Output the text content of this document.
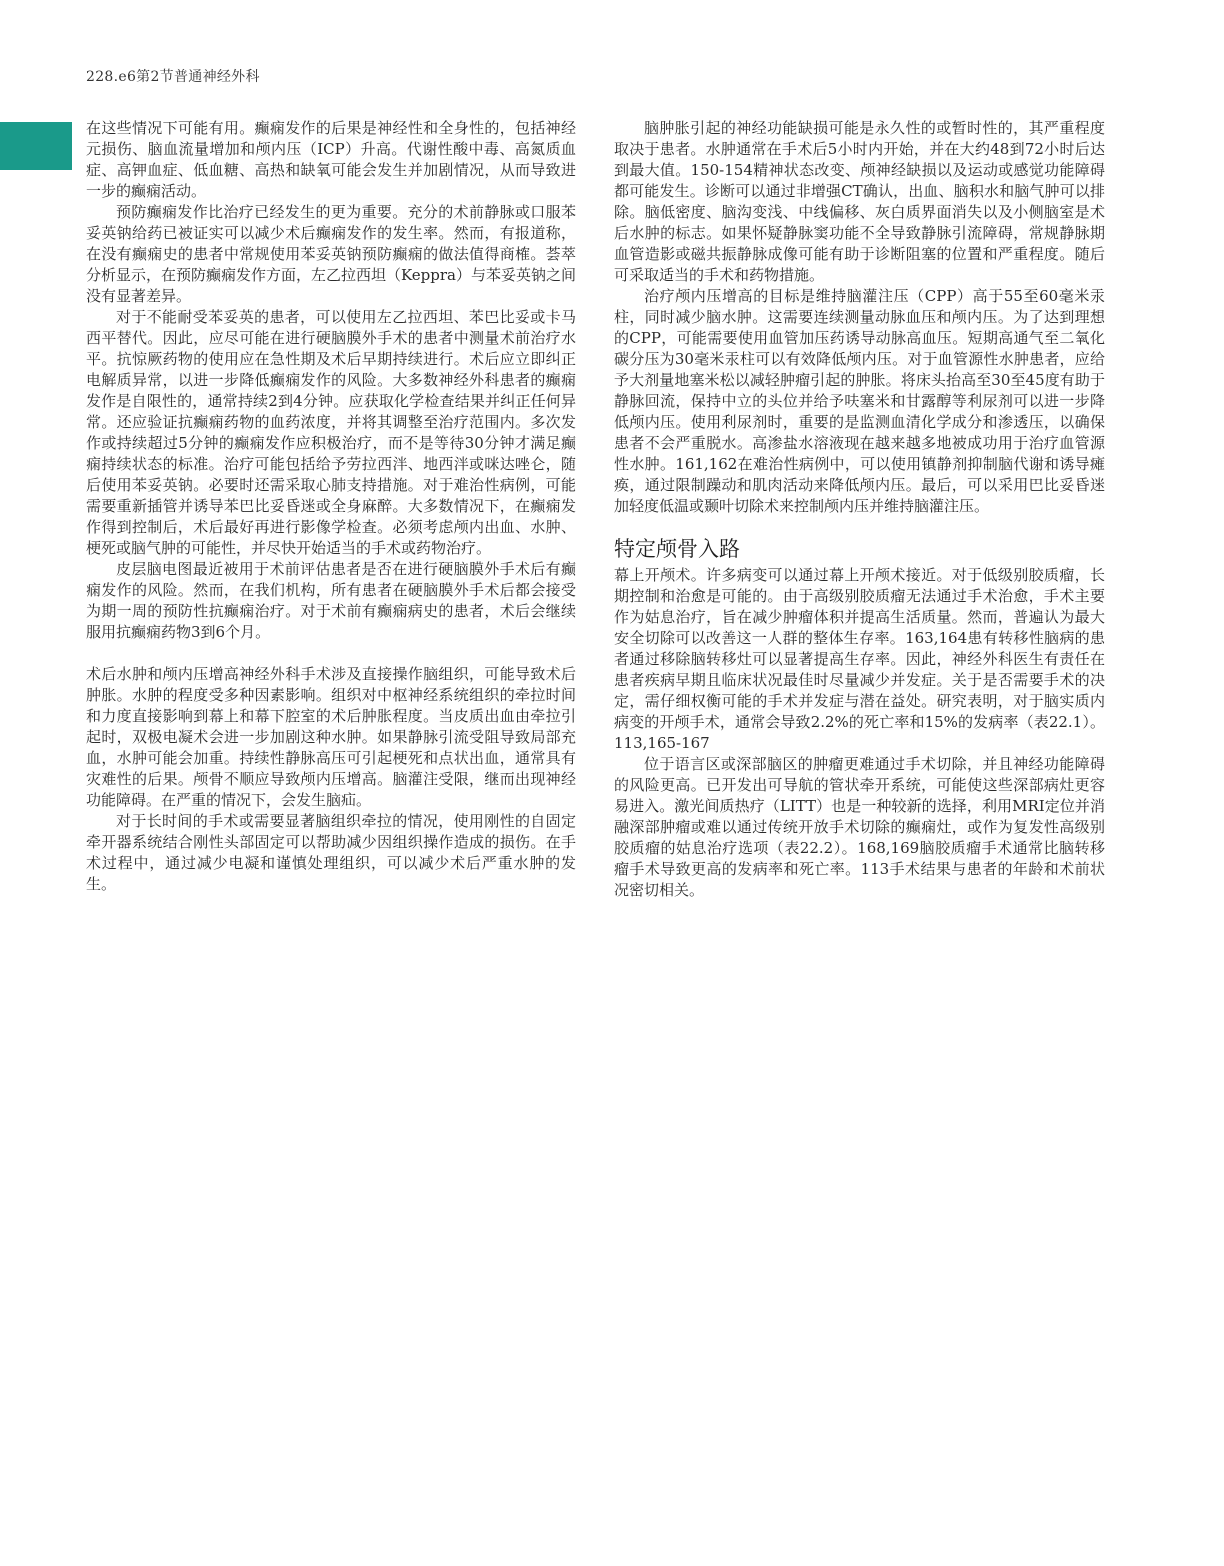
228.e6第2节普通神经外科

在这些情况下可能有用。癫痫发作的后果是神经性和全身性的，包括神经元损伤、脑血流量增加和颅内压（ICP）升高。代谢性酸中毒、高氮质血症、高钾血症、低血糖、高热和缺氧可能会发生并加剧情况，从而导致进一步的癫痫活动。

预防癫痫发作比治疗已经发生的更为重要。充分的术前静脉或口服苯妥英钠给药已被证实可以减少术后癫痫发作的发生率。然而，有报道称，在没有癫痫史的患者中常规使用苯妥英钠预防癫痫的做法值得商榷。荟萃分析显示，在预防癫痫发作方面，左乙拉西坦（Keppra）与苯妥英钠之间没有显著差异。

对于不能耐受苯妥英的患者，可以使用左乙拉西坦、苯巴比妥或卡马西平替代。因此，应尽可能在进行硬脑膜外手术的患者中测量术前治疗水平。抗惊厥药物的使用应在急性期及术后早期持续进行。术后应立即纠正电解质异常，以进一步降低癫痫发作的风险。大多数神经外科患者的癫痫发作是自限性的，通常持续2到4分钟。应获取化学检查结果并纠正任何异常。还应验证抗癫痫药物的血药浓度，并将其调整至治疗范围内。多次发作或持续超过5分钟的癫痫发作应积极治疗，而不是等待30分钟才满足癫痫持续状态的标准。治疗可能包括给予劳拉西泮、地西泮或咪达唑仑，随后使用苯妥英钠。必要时还需采取心肺支持措施。对于难治性病例，可能需要重新插管并诱导苯巴比妥昏迷或全身麻醉。大多数情况下，在癫痫发作得到控制后，术后最好再进行影像学检查。必须考虑颅内出血、水肿、梗死或脑气肿的可能性，并尽快开始适当的手术或药物治疗。

皮层脑电图最近被用于术前评估患者是否在进行硬脑膜外手术后有癫痫发作的风险。然而，在我们机构，所有患者在硬脑膜外手术后都会接受为期一周的预防性抗癫痫治疗。对于术前有癫痫病史的患者，术后会继续服用抗癫痫药物3到6个月。

术后水肿和颅内压增高神经外科手术涉及直接操作脑组织，可能导致术后肿胀。水肿的程度受多种因素影响。组织对中枢神经系统组织的牵拉时间和力度直接影响到幕上和幕下腔室的术后肿胀程度。当皮质出血由牵拉引起时，双极电凝术会进一步加剧这种水肿。如果静脉引流受阻导致局部充血，水肿可能会加重。持续性静脉高压可引起梗死和点状出血，通常具有灾难性的后果。颅骨不顺应导致颅内压增高。脑灌注受限，继而出现神经功能障碍。在严重的情况下，会发生脑疝。

对于长时间的手术或需要显著脑组织牵拉的情况，使用刚性的自固定牵开器系统结合刚性头部固定可以帮助减少因组织操作造成的损伤。在手术过程中，通过减少电凝和谨慎处理组织，可以减少术后严重水肿的发生。

脑肿胀引起的神经功能缺损可能是永久性的或暂时性的，其严重程度取决于患者。水肿通常在手术后5小时内开始，并在大约48到72小时后达到最大值。150-154精神状态改变、颅神经缺损以及运动或感觉功能障碍都可能发生。诊断可以通过非增强CT确认，出血、脑积水和脑气肿可以排除。脑低密度、脑沟变浅、中线偏移、灰白质界面消失以及小侧脑室是术后水肿的标志。如果怀疑静脉窦功能不全导致静脉引流障碍，常规静脉期血管造影或磁共振静脉成像可能有助于诊断阻塞的位置和严重程度。随后可采取适当的手术和药物措施。

治疗颅内压增高的目标是维持脑灌注压（CPP）高于55至60毫米汞柱，同时减少脑水肿。这需要连续测量动脉血压和颅内压。为了达到理想的CPP，可能需要使用血管加压药诱导动脉高血压。短期高通气至二氧化碳分压为30毫米汞柱可以有效降低颅内压。对于血管源性水肿患者，应给予大剂量地塞米松以减轻肿瘤引起的肿胀。将床头抬高至30至45度有助于静脉回流，保持中立的头位并给予呋塞米和甘露醇等利尿剂可以进一步降低颅内压。使用利尿剂时，重要的是监测血清化学成分和渗透压，以确保患者不会严重脱水。高渗盐水溶液现在越来越多地被成功用于治疗血管源性水肿。161,162在难治性病例中，可以使用镇静剂抑制脑代谢和诱导瘫痪，通过限制躁动和肌肉活动来降低颅内压。最后，可以采用巴比妥昏迷加轻度低温或颞叶切除术来控制颅内压并维持脑灌注压。

特定颅骨入路

幕上开颅术。许多病变可以通过幕上开颅术接近。对于低级别胶质瘤，长期控制和治愈是可能的。由于高级别胶质瘤无法通过手术治愈，手术主要作为姑息治疗，旨在减少肿瘤体积并提高生活质量。然而，普遍认为最大安全切除可以改善这一人群的整体生存率。163,164患有转移性脑病的患者通过移除脑转移灶可以显著提高生存率。因此，神经外科医生有责任在患者疾病早期且临床状况最佳时尽量减少并发症。关于是否需要手术的决定，需仔细权衡可能的手术并发症与潜在益处。研究表明，对于脑实质内病变的开颅手术，通常会导致2.2%的死亡率和15%的发病率（表22.1）。113,165-167

位于语言区或深部脑区的肿瘤更难通过手术切除，并且神经功能障碍的风险更高。已开发出可导航的管状牵开系统，可能使这些深部病灶更容易进入。激光间质热疗（LITT）也是一种较新的选择，利用MRI定位并消融深部肿瘤或难以通过传统开放手术切除的癫痫灶，或作为复发性高级别胶质瘤的姑息治疗选项（表22.2）。168,169脑胶质瘤手术通常比脑转移瘤手术导致更高的发病率和死亡率。113手术结果与患者的年龄和术前状况密切相关。
